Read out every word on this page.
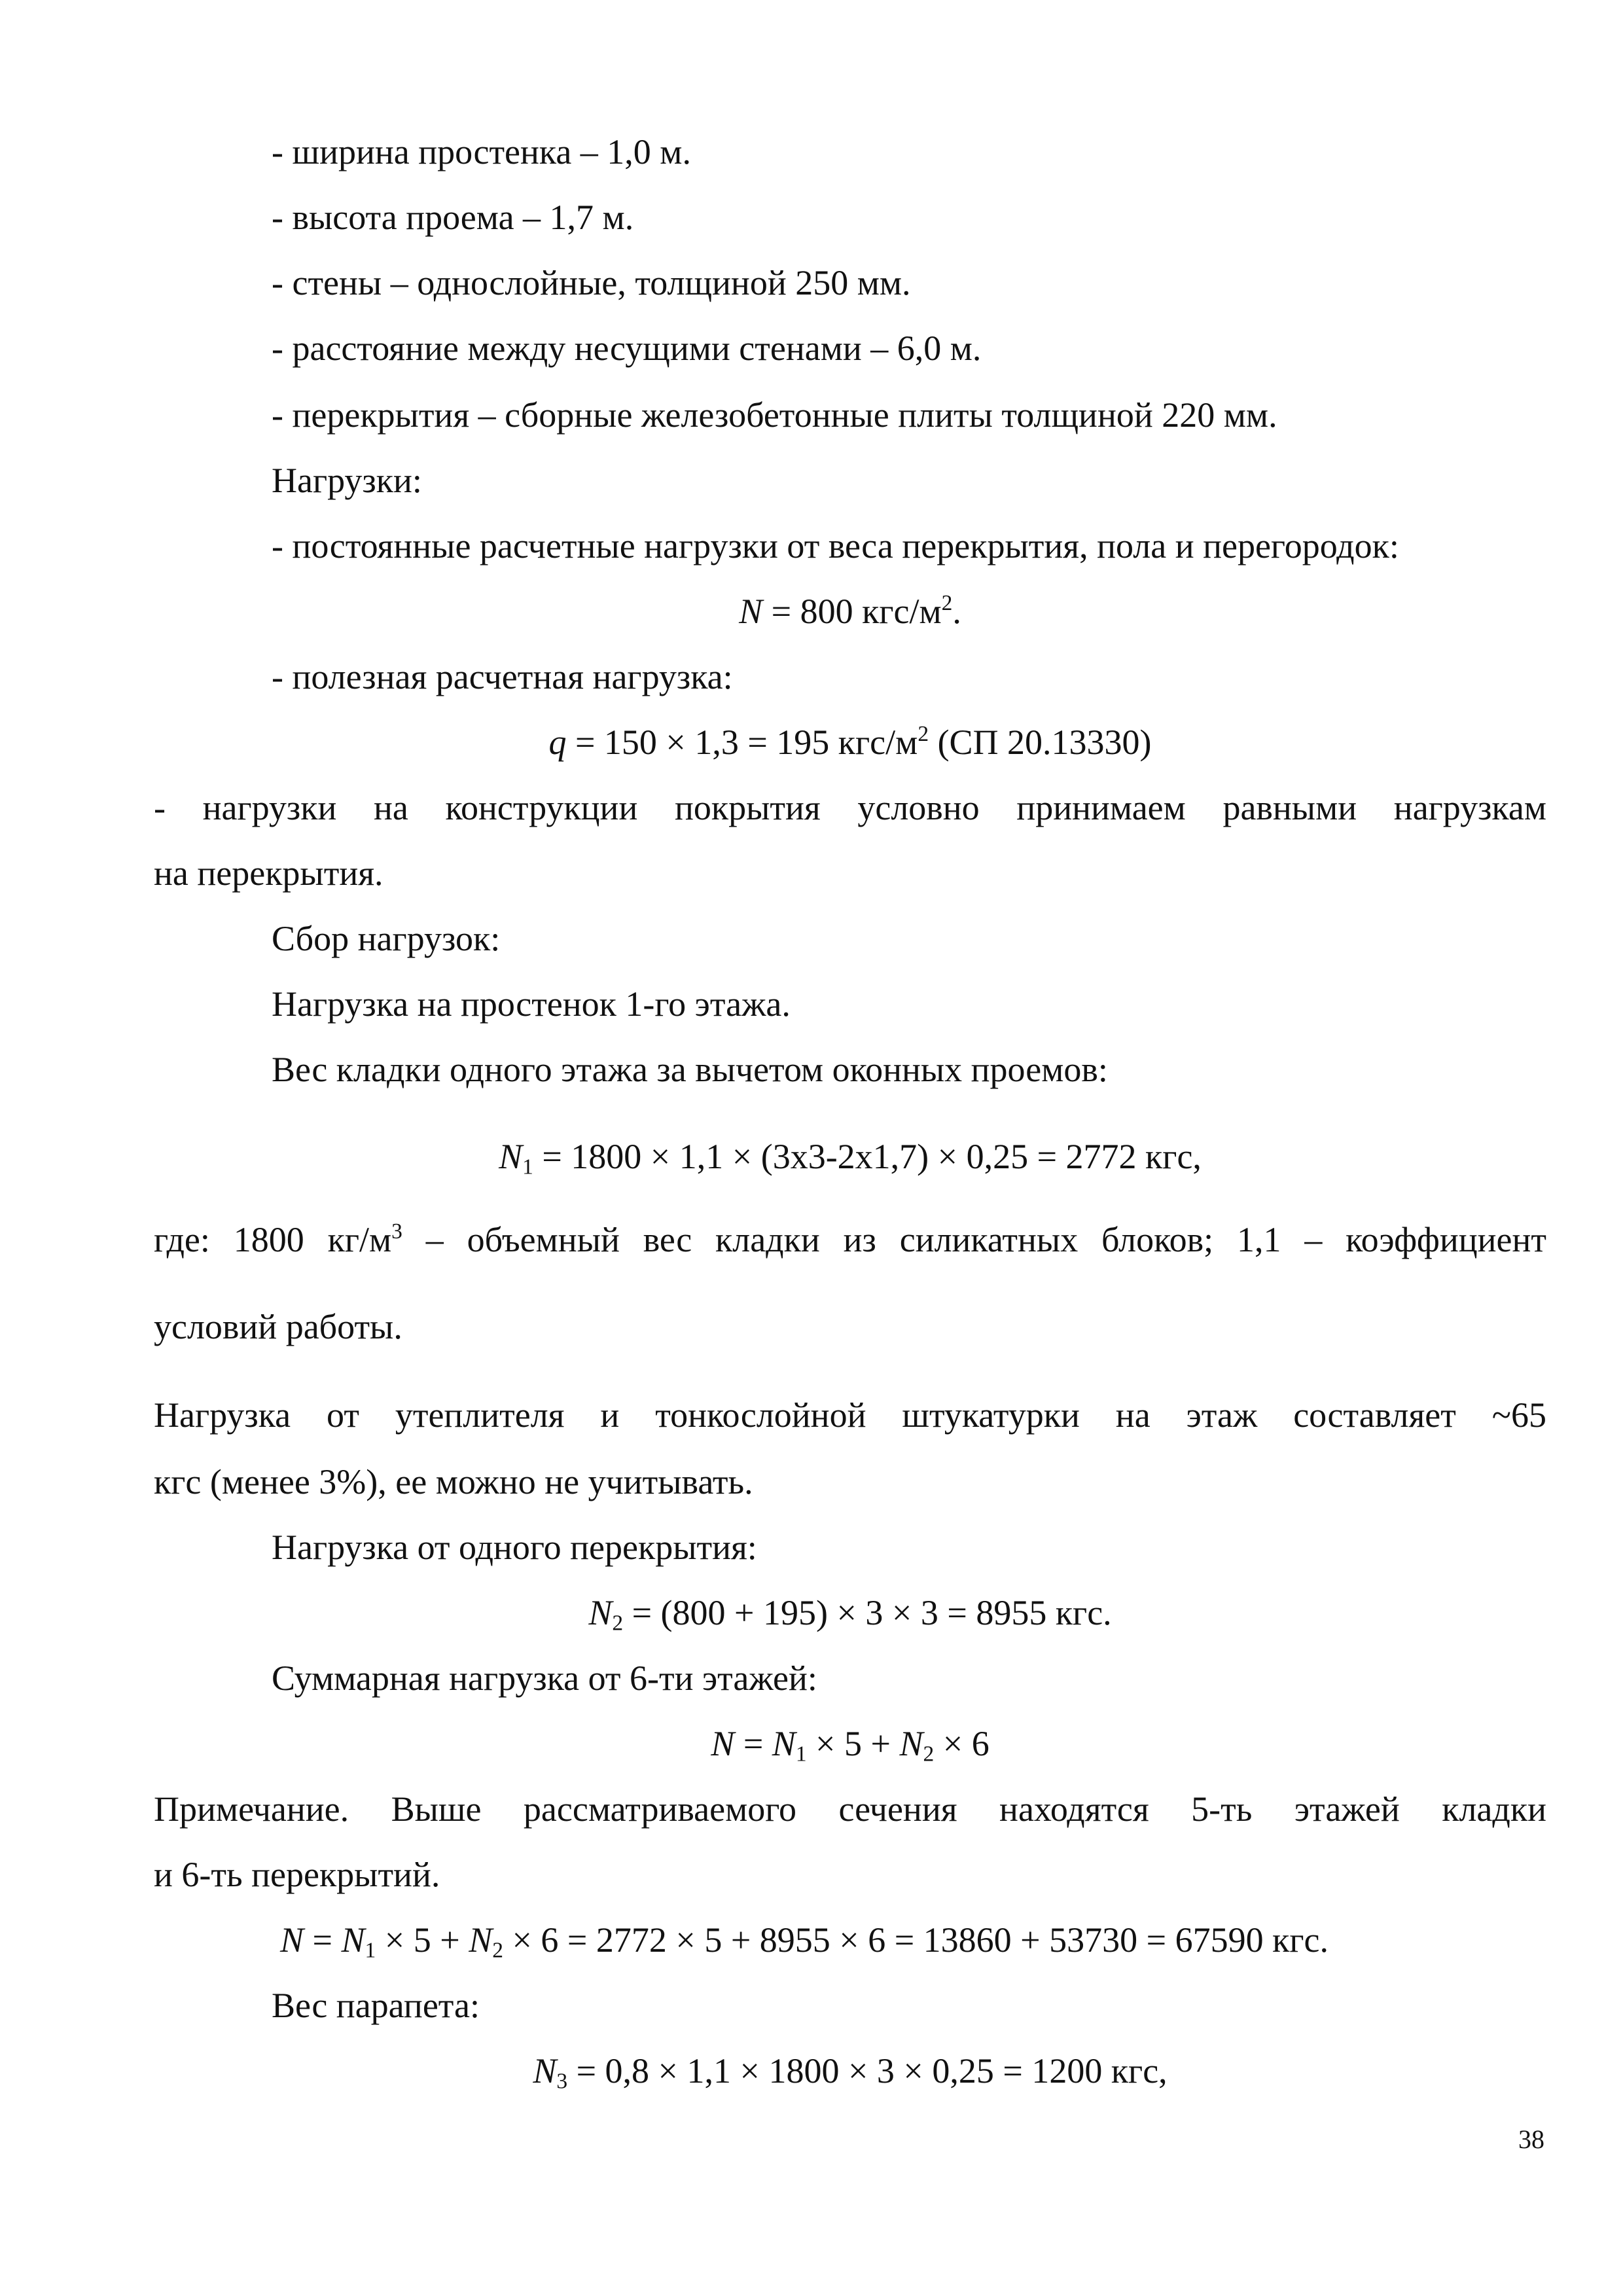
- ширина простенка – 1,0 м.
- высота проема – 1,7 м.
- стены – однослойные, толщиной 250 мм.
- расстояние между несущими стенами – 6,0 м.
- перекрытия – сборные железобетонные плиты толщиной 220 мм.
Нагрузки:
- постоянные расчетные нагрузки от веса перекрытия, пола и перегородок:
N = 800 кгс/$м^2$.
- полезная расчетная нагрузка:
q = 150 × 1,3 = 195 кгс/$м^2$ (СП 20.13330)
- нагрузки на конструкции покрытия условно принимаем равными нагрузкам
на перекрытия.
Сбор нагрузок:
Нагрузка на простенок 1-го этажа.
Вес кладки одного этажа за вычетом оконных проемов:
$N_1 = 1800 \times 1,1 \times (3x3-2x1,7) \times 0,25 = 2772$ кгс,
где: 1800 $кг/м^3$ – объемный вес кладки из силикатных блоков; 1,1 – коэффициент
условий работы.
Нагрузка от утеплителя и тонкослойной штукатурки на этаж составляет ~65
кгс (менее 3%), ее можно не учитывать.
Нагрузка от одного перекрытия:
$N_2 = (800 + 195) \times 3 \times 3 = 8955$ кгс.
Суммарная нагрузка от 6-ти этажей:
$N = N_1 \times 5 + N_2 \times 6$
Примечание. Выше рассматриваемого сечения находятся 5-ть этажей кладки
и 6-ть перекрытий.
$N = N_1 \times 5 + N_2 \times 6 = 2772 \times 5 + 8955 \times 6 = 13860 + 53730 = 67590$ кгс.
Вес парапета:
$N_3 = 0,8 \times 1,1 \times 1800 \times 3 \times 0,25 = 1200$ кгс,
38
